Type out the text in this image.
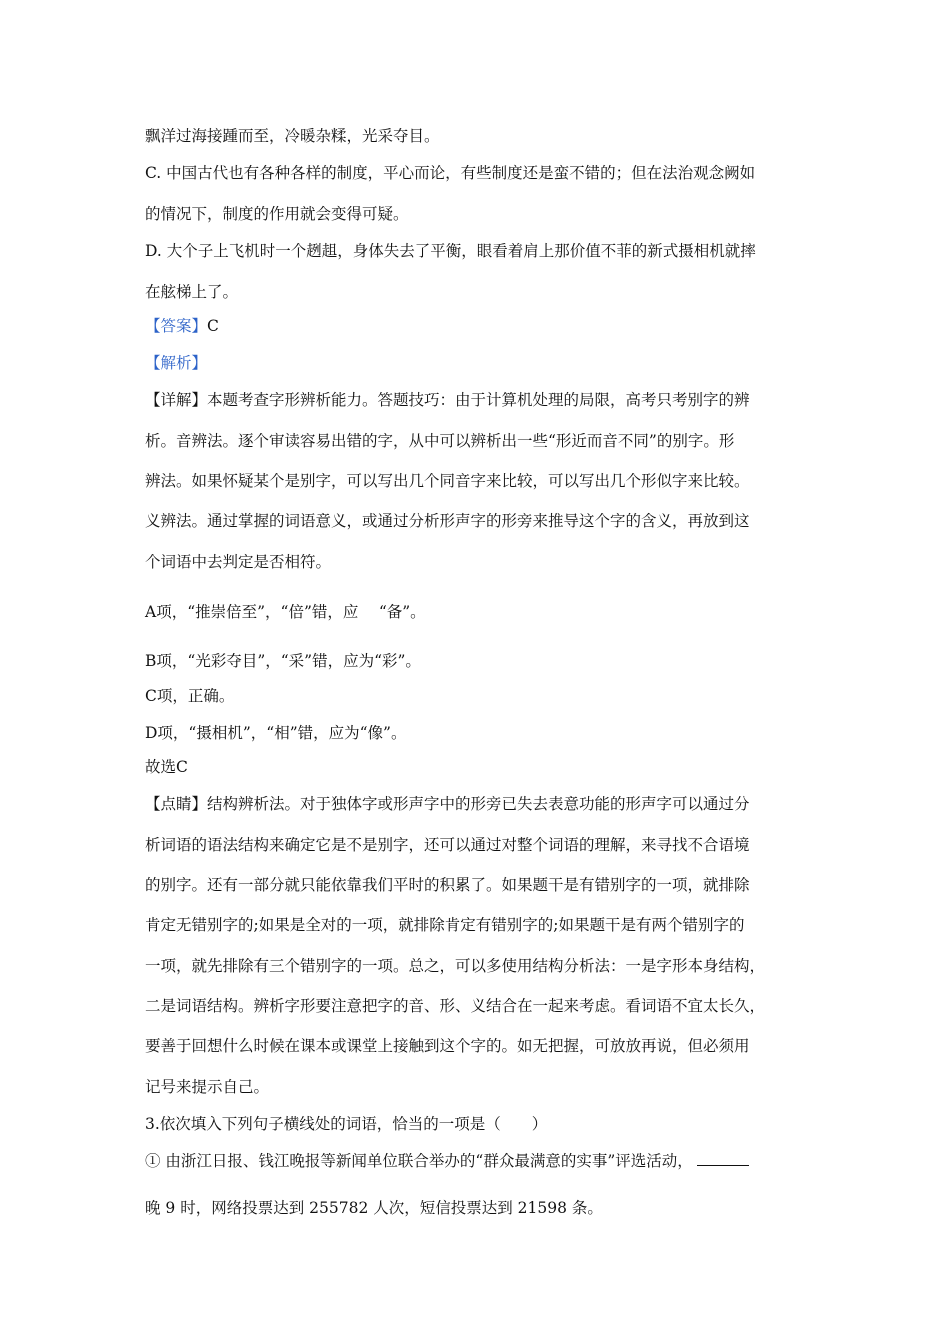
飘洋过海接踵而至，冷暖杂糅，光采夺目。
C. 中国古代也有各种各样的制度，平心而论，有些制度还是蛮不错的；但在法治观念阙如
的情况下，制度的作用就会变得可疑。
D. 大个子上飞机时一个趔趄，身体失去了平衡，眼看着肩上那价值不菲的新式摄相机就摔
在舷梯上了。
【答案】C
【解析】
【详解】本题考查字形辨析能力。答题技巧：由于计算机处理的局限，高考只考别字的辨
析。音辨法。逐个审读容易出错的字，从中可以辨析出一些“形近而音不同”的别字。形
辨法。如果怀疑某个是别字，可以写出几个同音字来比较，可以写出几个形似字来比较。
义辨法。通过掌握的词语意义，或通过分析形声字的形旁来推导这个字的含义，再放到这
个词语中去判定是否相符。
A项，“推崇倍至”，“倍”错，应　 “备”。
B项，“光彩夺目”，“采”错，应为“彩”。
C项，正确。
D项，“摄相机”，“相”错，应为“像”。
故选C
【点睛】结构辨析法。对于独体字或形声字中的形旁已失去表意功能的形声字可以通过分
析词语的语法结构来确定它是不是别字，还可以通过对整个词语的理解，来寻找不合语境
的别字。还有一部分就只能依靠我们平时的积累了。如果题干是有错别字的一项，就排除
肯定无错别字的;如果是全对的一项，就排除肯定有错别字的;如果题干是有两个错别字的
一项，就先排除有三个错别字的一项。总之，可以多使用结构分析法：一是字形本身结构，
二是词语结构。辨析字形要注意把字的音、形、义结合在一起来考虑。看词语不宜太长久，
要善于回想什么时候在课本或课堂上接触到这个字的。如无把握，可放放再说，但必须用
记号来提示自己。
3.依次填入下列句子横线处的词语，恰当的一项是（　　）
① 由浙江日报、钱江晚报等新闻单位联合举办的“群众最满意的实事”评选活动，
晚 9 时，网络投票达到 255782 人次，短信投票达到 21598 条。
